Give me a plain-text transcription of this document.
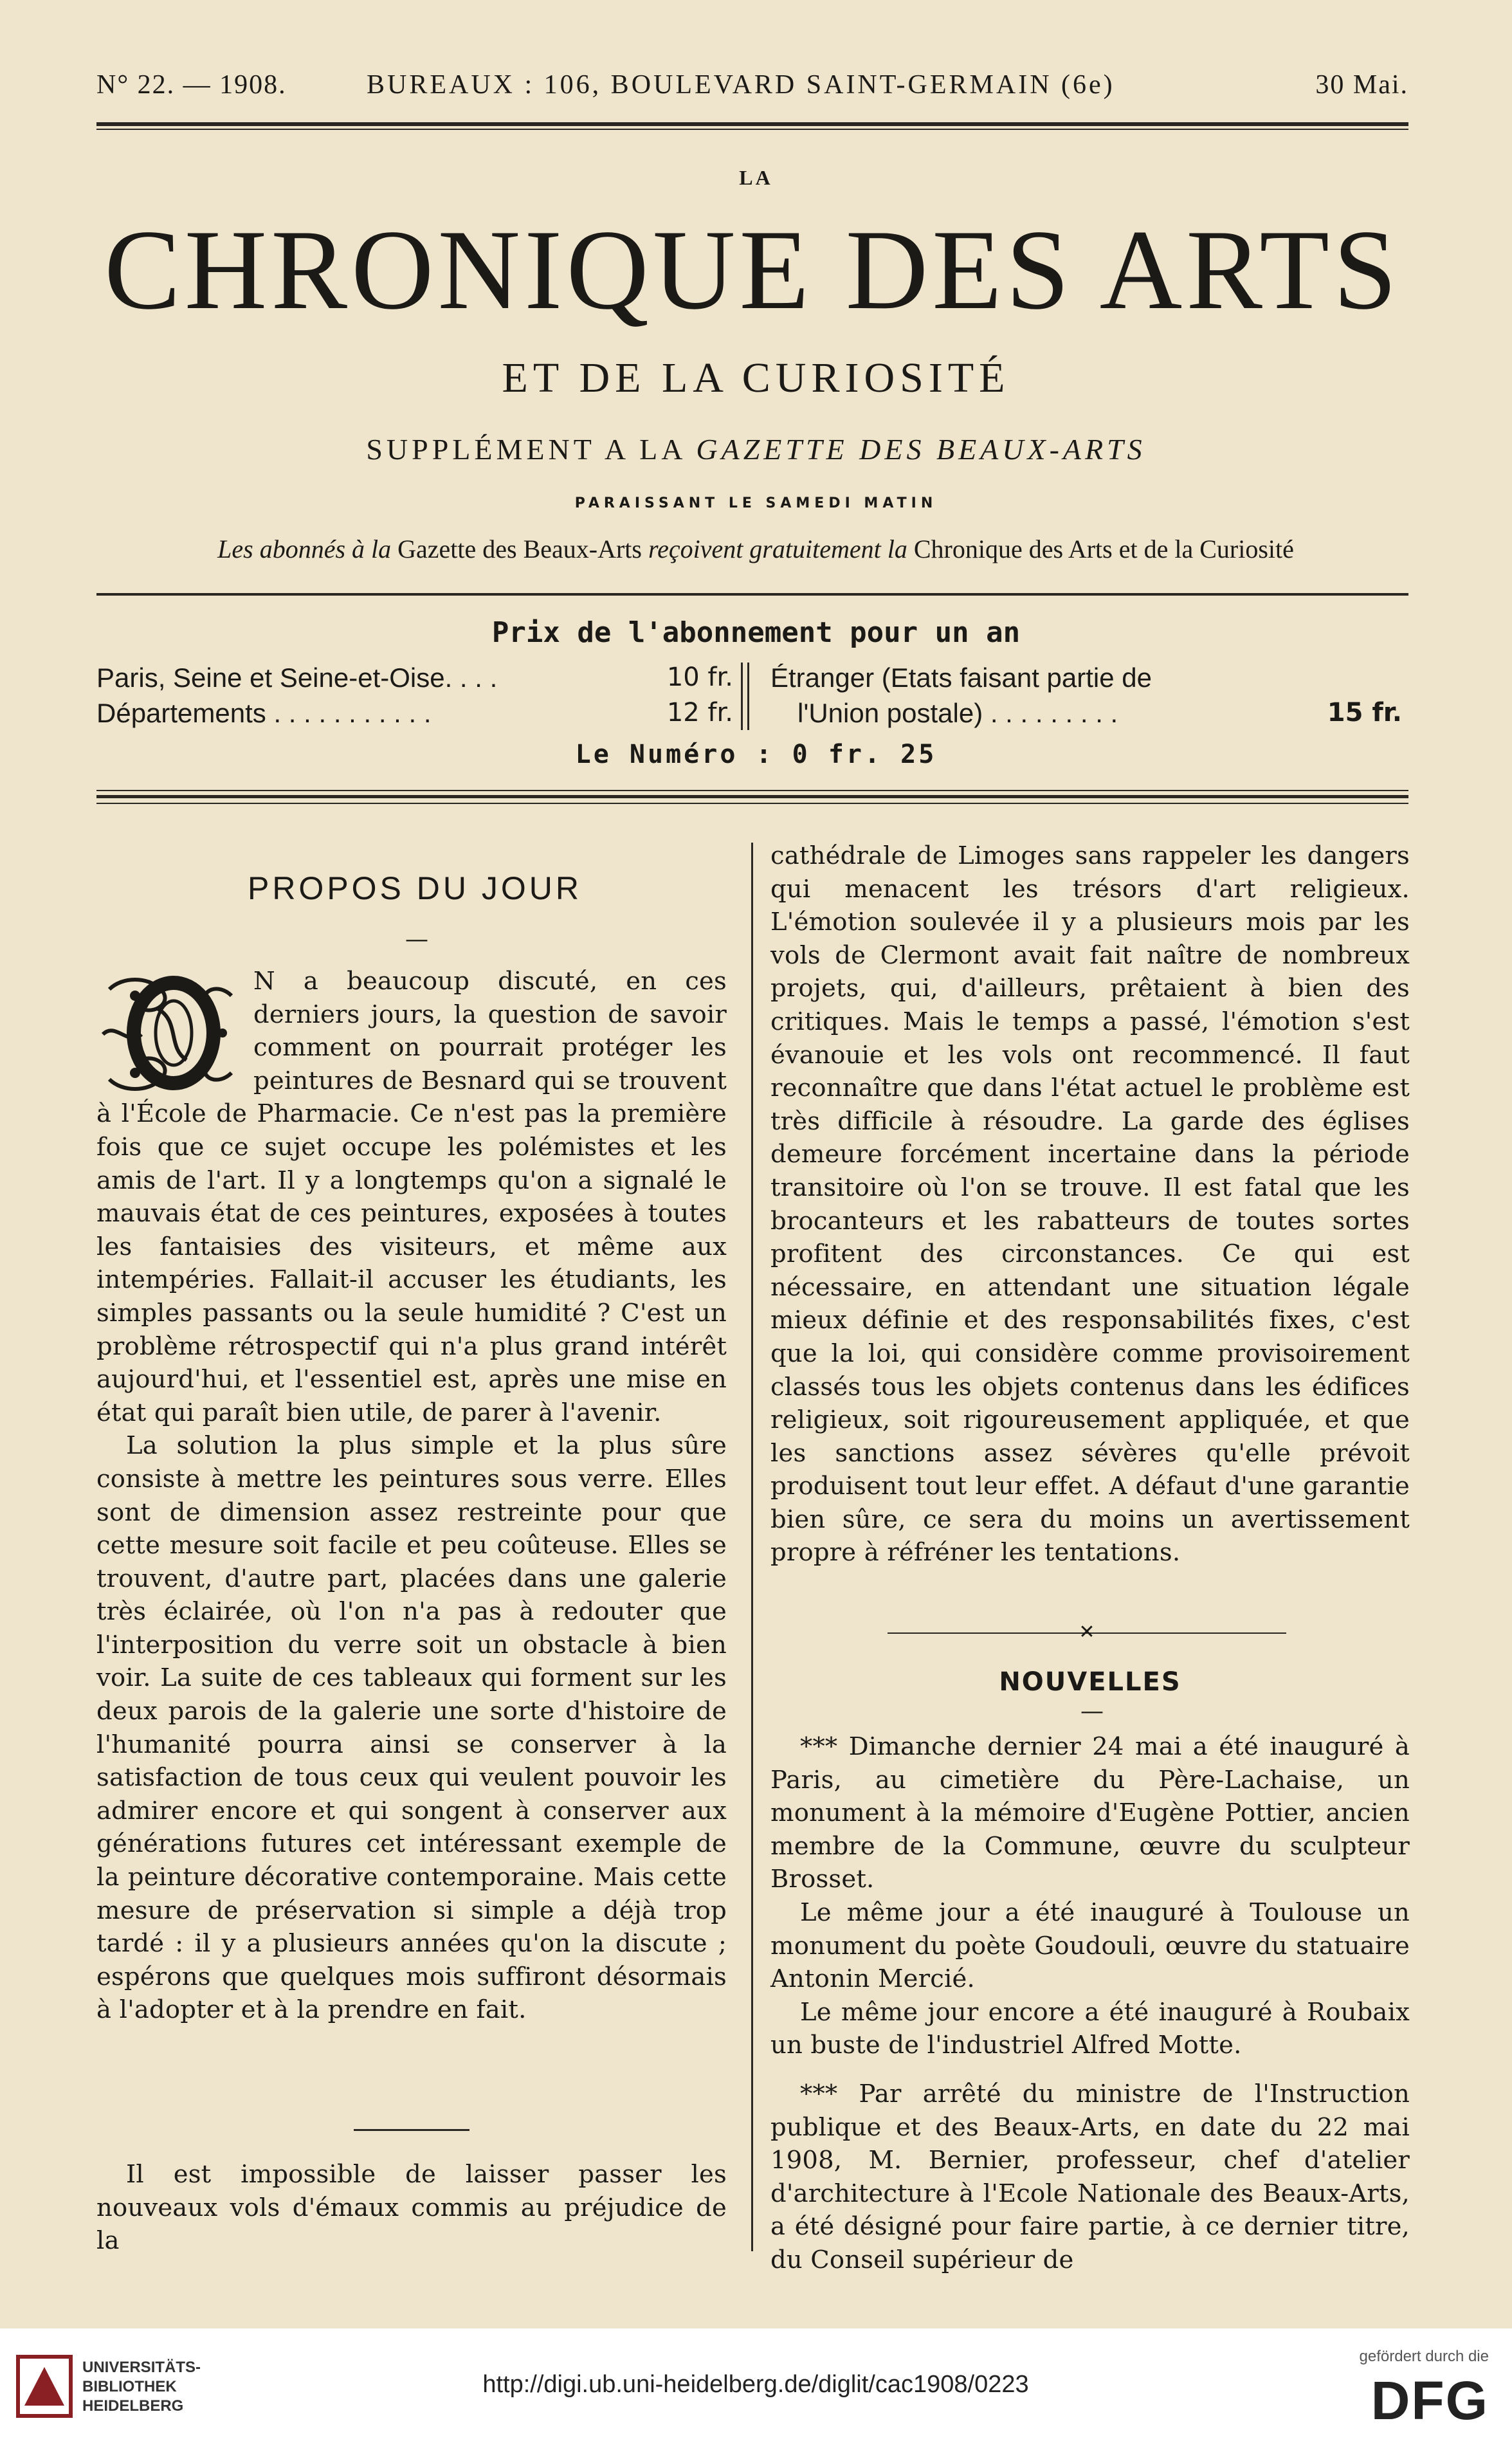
N° 22. — 1908.	BUREAUX : 106, BOULEVARD SAINT-GERMAIN (6e)	30 Mai.
LA
CHRONIQUE DES ARTS
ET DE LA CURIOSITÉ
SUPPLÉMENT A LA GAZETTE DES BEAUX-ARTS
PARAISSANT LE SAMEDI MATIN
Les abonnés à la Gazette des Beaux-Arts reçoivent gratuitement la Chronique des Arts et de la Curiosité
Prix de l'abonnement pour un an
Paris, Seine et Seine-et-Oise. . . .	10 fr.
Départements . . . . . . . . . . .	12 fr.
Étranger (Etats faisant partie de
l'Union postale) . . . . . . . . .	15 fr.
Le Numéro : 0 fr. 25
PROPOS DU JOUR
—

N a beaucoup discuté, en ces derniers jours, la question de savoir comment on pourrait protéger les peintures de Besnard qui se trouvent à l'École de Pharmacie. Ce n'est pas la première fois que ce sujet occupe les polémistes et les amis de l'art. Il y a longtemps qu'on a signalé le mauvais état de ces peintures, exposées à toutes les fantaisies des visiteurs, et même aux intempéries. Fallait-il accuser les étudiants, les simples passants ou la seule humidité ? C'est un problème rétrospectif qui n'a plus grand intérêt aujourd'hui, et l'essentiel est, après une mise en état qui paraît bien utile, de parer à l'avenir.

La solution la plus simple et la plus sûre consiste à mettre les peintures sous verre. Elles sont de dimension assez restreinte pour que cette mesure soit facile et peu coûteuse. Elles se trouvent, d'autre part, placées dans une galerie très éclairée, où l'on n'a pas à redouter que l'interposition du verre soit un obstacle à bien voir. La suite de ces tableaux qui forment sur les deux parois de la galerie une sorte d'histoire de l'humanité pourra ainsi se conserver à la satisfaction de tous ceux qui veulent pouvoir les admirer encore et qui songent à conserver aux générations futures cet intéressant exemple de la peinture décorative contemporaine. Mais cette mesure de préservation si simple a déjà trop tardé : il y a plusieurs années qu'on la discute ; espérons que quelques mois suffiront désormais à l'adopter et à la prendre en fait.

Il est impossible de laisser passer les nouveaux vols d'émaux commis au préjudice de la

cathédrale de Limoges sans rappeler les dangers qui menacent les trésors d'art religieux. L'émotion soulevée il y a plusieurs mois par les vols de Clermont avait fait naître de nombreux projets, qui, d'ailleurs, prêtaient à bien des critiques. Mais le temps a passé, l'émotion s'est évanouie et les vols ont recommencé. Il faut reconnaître que dans l'état actuel le problème est très difficile à résoudre. La garde des églises demeure forcément incertaine dans la période transitoire où l'on se trouve. Il est fatal que les brocanteurs et les rabatteurs de toutes sortes profitent des circonstances. Ce qui est nécessaire, en attendant une situation légale mieux définie et des responsabilités fixes, c'est que la loi, qui considère comme provisoirement classés tous les objets contenus dans les édifices religieux, soit rigoureusement appliquée, et que les sanctions assez sévères qu'elle prévoit produisent tout leur effet. A défaut d'une garantie bien sûre, ce sera du moins un avertissement propre à réfréner les tentations.

✕
NOUVELLES
—

*** Dimanche dernier 24 mai a été inauguré à Paris, au cimetière du Père-Lachaise, un monument à la mémoire d'Eugène Pottier, ancien membre de la Commune, œuvre du sculpteur Brosset.

Le même jour a été inauguré à Toulouse un monument du poète Goudouli, œuvre du statuaire Antonin Mercié.

Le même jour encore a été inauguré à Roubaix un buste de l'industriel Alfred Motte.

*** Par arrêté du ministre de l'Instruction publique et des Beaux-Arts, en date du 22 mai 1908, M. Bernier, professeur, chef d'atelier d'architecture à l'Ecole Nationale des Beaux-Arts, a été désigné pour faire partie, à ce dernier titre, du Conseil supérieur de

UNIVERSITÄTS-
BIBLIOTHEK
HEIDELBERG
http://digi.ub.uni-heidelberg.de/diglit/cac1908/0223
gefördert durch die
DFG
